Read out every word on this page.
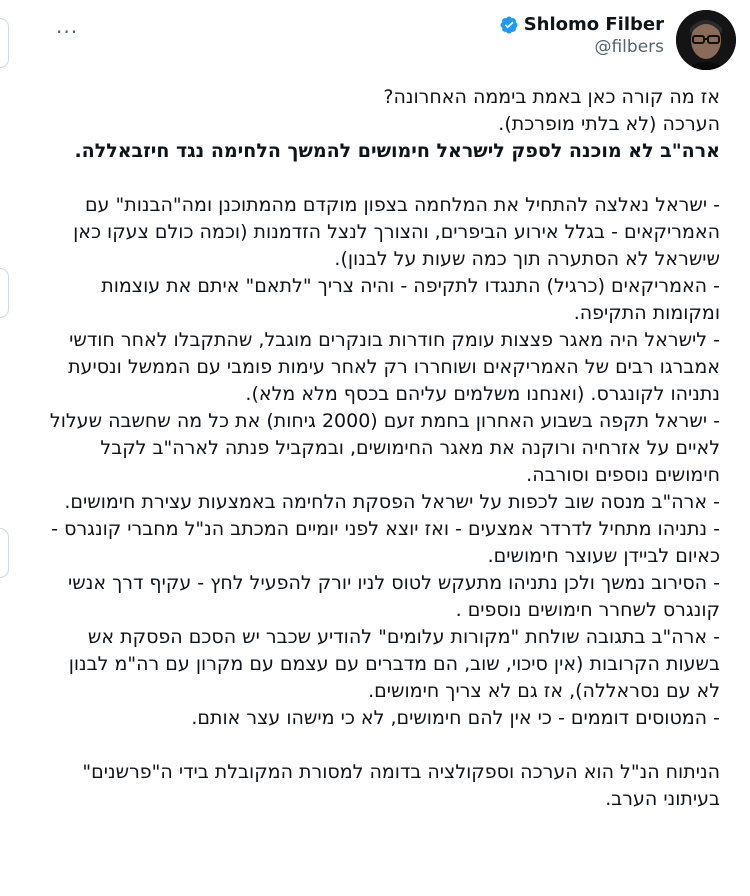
···	Shlomo Filber
@filbers

אז מה קורה כאן באמת ביממה האחרונה?

הערכה (לא בלתי מופרכת).

ארה"ב לא מוכנה לספק לישראל חימושים להמשך הלחימה נגד חיזבאללה.

- ישראל נאלצה להתחיל את המלחמה בצפון מוקדם מהמתוכנן ומה"הבנות" עם האמריקאים - בגלל אירוע הביפרים, והצורך לנצל הזדמנות (וכמה כולם צעקו כאן שישראל לא הסתערה תוך כמה שעות על לבנון).

- האמריקאים (כרגיל) התנגדו לתקיפה - והיה צריך "לתאם" איתם את עוצמות ומקומות התקיפה.

- לישראל היה מאגר פצצות עומק חודרות בונקרים מוגבל, שהתקבלו לאחר חודשי אמברגו רבים של האמריקאים ושוחררו רק לאחר עימות פומבי עם הממשל ונסיעת נתניהו לקונגרס. (ואנחנו משלמים עליהם בכסף מלא מלא).

- ישראל תקפה בשבוע האחרון בחמת זעם (2000 גיחות) את כל מה שחשבה שעלול לאיים על אזרחיה ורוקנה את מאגר החימושים, ובמקביל פנתה לארה"ב לקבל חימושים נוספים וסורבה.

- ארה"ב מנסה שוב לכפות על ישראל הפסקת הלחימה באמצעות עצירת חימושים.

- נתניהו מתחיל לדרדר אמצעים - ואז יוצא לפני יומיים המכתב הנ"ל מחברי קונגרס - כאיום לביידן שעוצר חימושים.

- הסירוב נמשך ולכן נתניהו מתעקש לטוס לניו יורק להפעיל לחץ - עקיף דרך אנשי קונגרס לשחרר חימושים נוספים .

- ארה"ב בתגובה שולחת "מקורות עלומים" להודיע שכבר יש הסכם הפסקת אש בשעות הקרובות (אין סיכוי, שוב, הם מדברים עם עצמם עם מקרון עם רה"מ לבנון לא עם נסראללה), אז גם לא צריך חימושים.

- המטוסים דוממים - כי אין להם חימושים, לא כי מישהו עצר אותם.

הניתוח הנ"ל הוא הערכה וספקולציה בדומה למסורת המקובלת בידי ה"פרשנים" בעיתוני הערב.
